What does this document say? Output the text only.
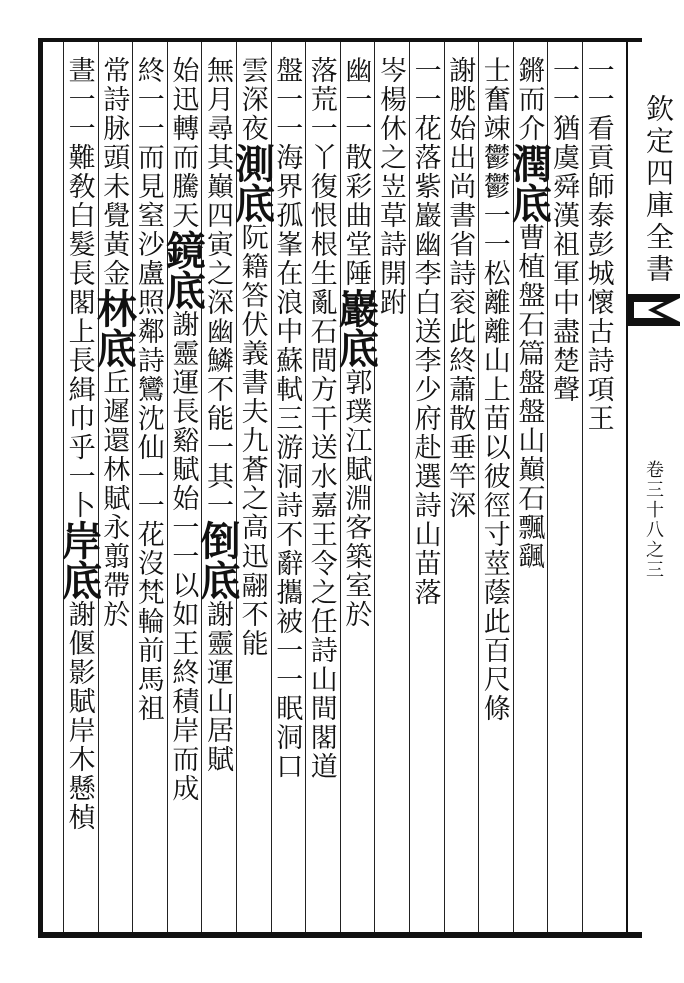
欽定四庫全書
卷三十八之三
一一看貢師泰彭城懷古詩項王
一一猶虞舜漢祖軍中盡楚聲
鏘而介潤底曹植盤石篇盤盤山巔石飄颻
士奮竦鬱鬱一一松離離山上苗以彼徑寸莖蔭此百尺條
謝朓始出尚書省詩衮此終蕭散垂竿深
一一花落紫巖幽李白送李少府赴選詩山苗落
岑楊休之岦草詩開跗
幽一一散彩曲堂陲巖底郭璞江賦淵客築室於
落荒一丫復恨根生亂石間方干送水嘉王令之任詩山間閣道
盤一一海界孤峯在浪中蘇軾三游洞詩不辭攜被一一眠洞口
雲深夜測底阮籍答伏義書夫九蒼之高迅翮不能
無月尋其巔四寅之深幽鱗不能一其一倒底謝靈運山居賦
始迅轉而騰天鏡底謝靈運長谿賦始一一以如王終積岸而成
終一一而見窒沙盧照鄰詩鸞沈仙一一花沒梵輪前馬祖
常詩脉頭未覺黃金林底丘遲還林賦永翦帶於
晝一一難敎白髮長閣上長緝巾乎一卜岸底謝偃影賦岸木懸楨
